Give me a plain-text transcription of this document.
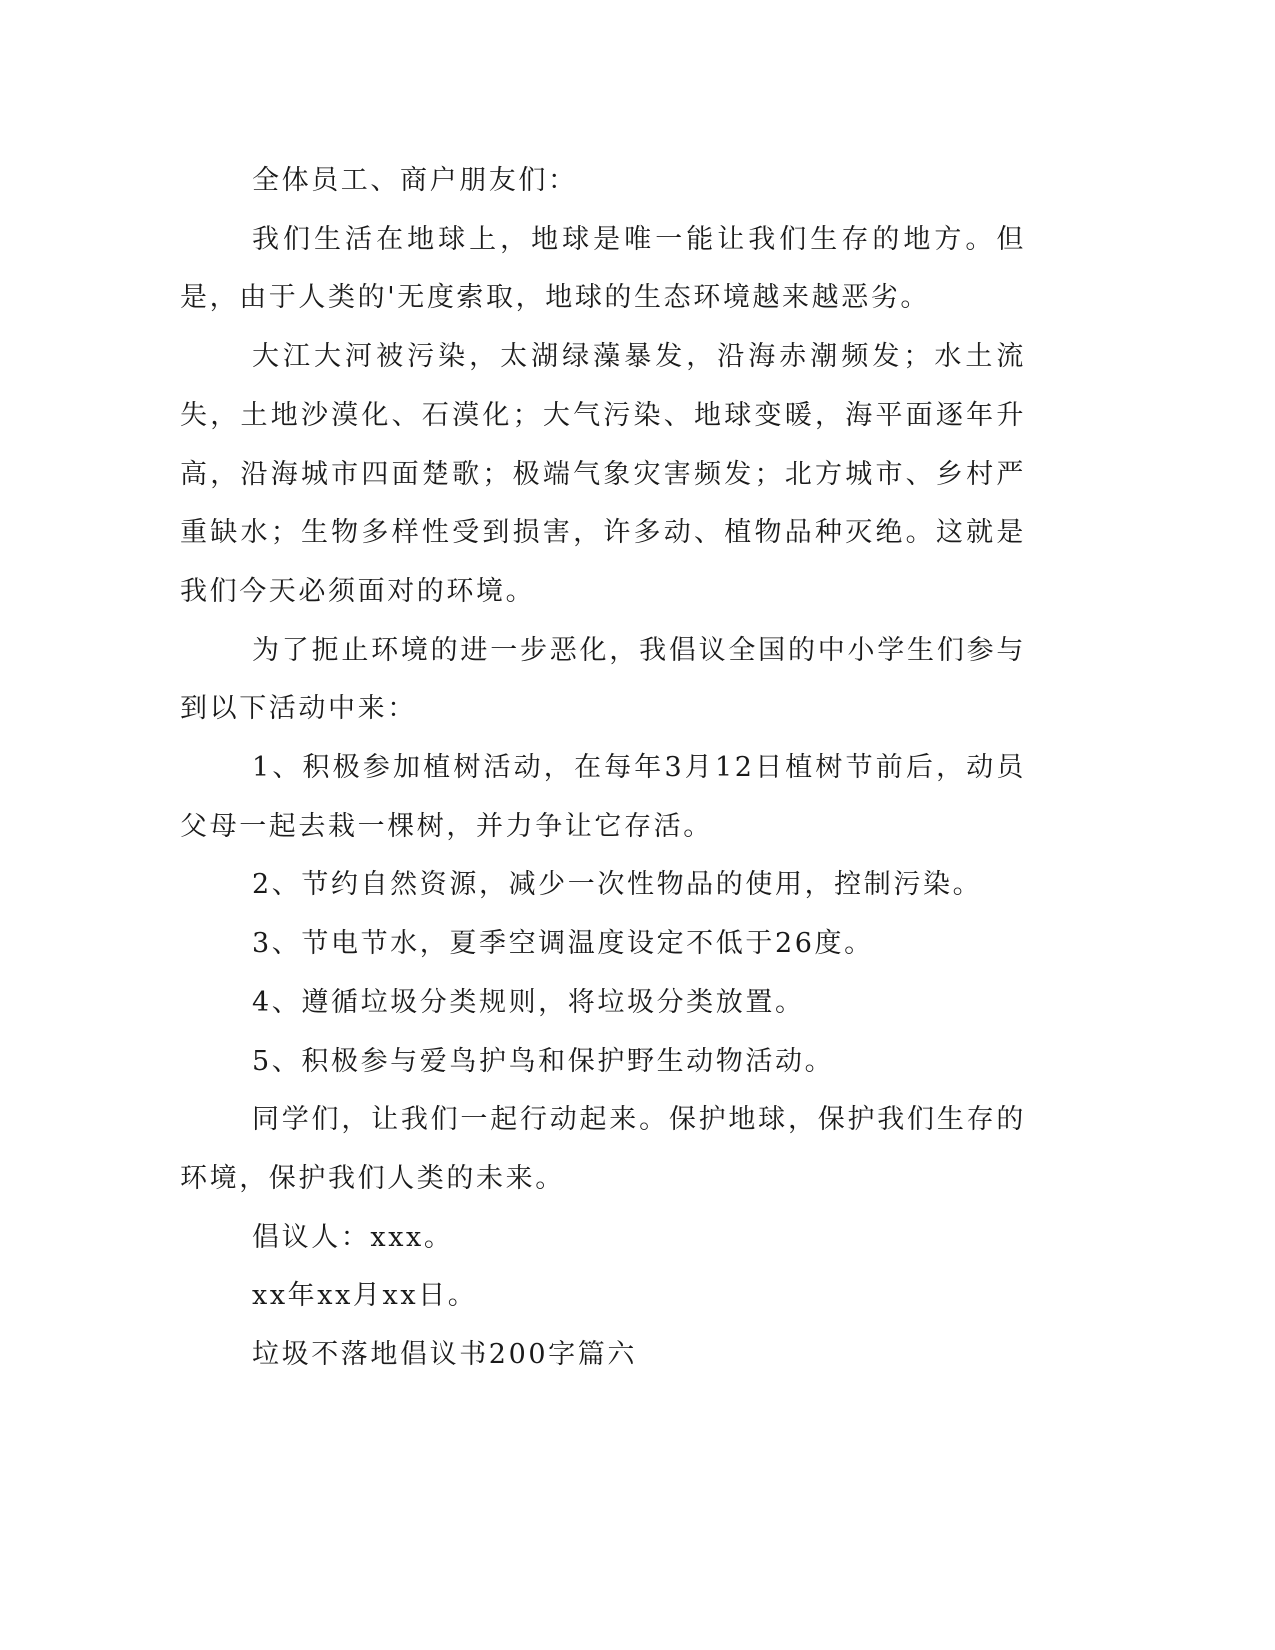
全体员工、商户朋友们：

我们生活在地球上，地球是唯一能让我们生存的地方。但是，由于人类的'无度索取，地球的生态环境越来越恶劣。

大江大河被污染，太湖绿藻暴发，沿海赤潮频发；水土流失，土地沙漠化、石漠化；大气污染、地球变暖，海平面逐年升高，沿海城市四面楚歌；极端气象灾害频发；北方城市、乡村严重缺水；生物多样性受到损害，许多动、植物品种灭绝。这就是我们今天必须面对的环境。

为了扼止环境的进一步恶化，我倡议全国的中小学生们参与到以下活动中来：

1、积极参加植树活动，在每年3月12日植树节前后，动员父母一起去栽一棵树，并力争让它存活。

2、节约自然资源，减少一次性物品的使用，控制污染。

3、节电节水，夏季空调温度设定不低于26度。

4、遵循垃圾分类规则，将垃圾分类放置。

5、积极参与爱鸟护鸟和保护野生动物活动。

同学们，让我们一起行动起来。保护地球，保护我们生存的环境，保护我们人类的未来。

倡议人：xxx。

xx年xx月xx日。

垃圾不落地倡议书200字篇六
